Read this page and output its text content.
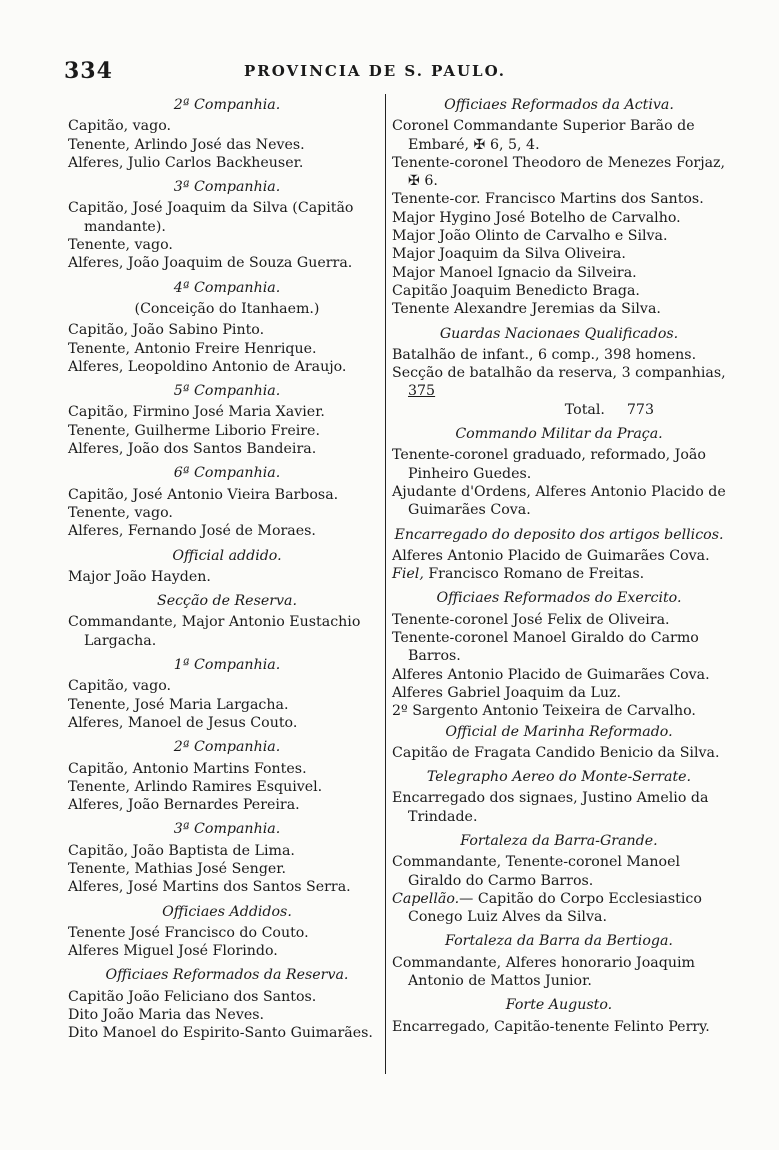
334	PROVINCIA DE S. PAULO.
2ª Companhia.
Capitão, vago.
Tenente, Arlindo José das Neves.
Alferes, Julio Carlos Backheuser.
3ª Companhia.
Capitão, José Joaquim da Silva (Capitão mandante).
Tenente, vago.
Alferes, João Joaquim de Souza Guerra.
4ª Companhia.
(Conceição do Itanhaem.)
Capitão, João Sabino Pinto.
Tenente, Antonio Freire Henrique.
Alferes, Leopoldino Antonio de Araujo.
5ª Companhia.
Capitão, Firmino José Maria Xavier.
Tenente, Guilherme Liborio Freire.
Alferes, João dos Santos Bandeira.
6ª Companhia.
Capitão, José Antonio Vieira Barbosa.
Tenente, vago.
Alferes, Fernando José de Moraes.
Official addido.
Major João Hayden.
Secção de Reserva.
Commandante, Major Antonio Eustachio Largacha.
1ª Companhia.
Capitão, vago.
Tenente, José Maria Largacha.
Alferes, Manoel de Jesus Couto.
2ª Companhia.
Capitão, Antonio Martins Fontes.
Tenente, Arlindo Ramires Esquivel.
Alferes, João Bernardes Pereira.
3ª Companhia.
Capitão, João Baptista de Lima.
Tenente, Mathias José Senger.
Alferes, José Martins dos Santos Serra.
Officiaes Addidos.
Tenente José Francisco do Couto.
Alferes Miguel José Florindo.
Officiaes Reformados da Reserva.
Capitão João Feliciano dos Santos.
Dito João Maria das Neves.
Dito Manoel do Espirito-Santo Guimarães.
Officiaes Reformados da Activa.
Coronel Commandante Superior Barão de Embaré, ✠ 6, 5, 4.
Tenente-coronel Theodoro de Menezes Forjaz, ✠ 6.
Tenente-cor. Francisco Martins dos Santos.
Major Hygino José Botelho de Carvalho.
Major João Olinto de Carvalho e Silva.
Major Joaquim da Silva Oliveira.
Major Manoel Ignacio da Silveira.
Capitão Joaquim Benedicto Braga.
Tenente Alexandre Jeremias da Silva.
Guardas Nacionaes Qualificados.
Batalhão de infant., 6 comp., 398 homens.
Secção de batalhão da reserva, 3 companhias, 375
Total. 773
Commando Militar da Praça.
Tenente-coronel graduado, reformado, João Pinheiro Guedes.
Ajudante d'Ordens, Alferes Antonio Placido de Guimarães Cova.
Encarregado do deposito dos artigos bellicos.
Alferes Antonio Placido de Guimarães Cova.
Fiel, Francisco Romano de Freitas.
Officiaes Reformados do Exercito.
Tenente-coronel José Felix de Oliveira.
Tenente-coronel Manoel Giraldo do Carmo Barros.
Alferes Antonio Placido de Guimarães Cova.
Alferes Gabriel Joaquim da Luz.
2º Sargento Antonio Teixeira de Carvalho.
Official de Marinha Reformado.
Capitão de Fragata Candido Benicio da Silva.
Telegrapho Aereo do Monte-Serrate.
Encarregado dos signaes, Justino Amelio da Trindade.
Fortaleza da Barra-Grande.
Commandante, Tenente-coronel Manoel Giraldo do Carmo Barros.
Capellão.— Capitão do Corpo Ecclesiastico Conego Luiz Alves da Silva.
Fortaleza da Barra da Bertioga.
Commandante, Alferes honorario Joaquim Antonio de Mattos Junior.
Forte Augusto.
Encarregado, Capitão-tenente Felinto Perry.
